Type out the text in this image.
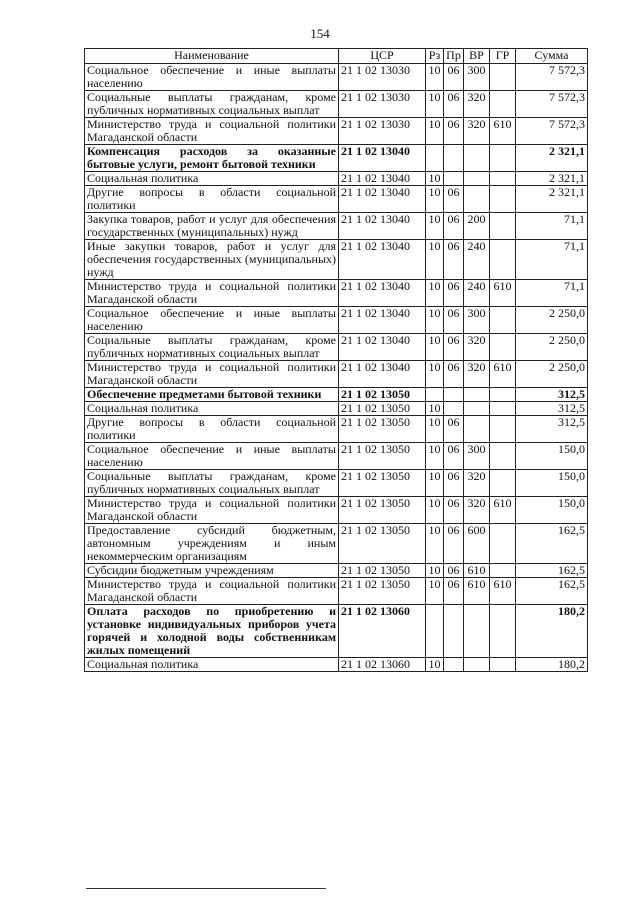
154
Наименование	ЦСР	Рз	Пр	ВР	ГР	Сумма
Социальное обеспечение и иные выплаты населению	21 1 02 13030	10	06	300		7 572,3
Социальные выплаты гражданам, кроме публичных нормативных социальных выплат	21 1 02 13030	10	06	320		7 572,3
Министерство труда и социальной политики Магаданской области	21 1 02 13030	10	06	320	610	7 572,3
Компенсация расходов за оказанные бытовые услуги, ремонт бытовой техники	21 1 02 13040					2 321,1
Социальная политика	21 1 02 13040	10				2 321,1
Другие вопросы в области социальной политики	21 1 02 13040	10	06			2 321,1
Закупка товаров, работ и услуг для обеспечения государственных (муниципальных) нужд	21 1 02 13040	10	06	200		71,1
Иные закупки товаров, работ и услуг для обеспечения государственных (муниципальных) нужд	21 1 02 13040	10	06	240		71,1
Министерство труда и социальной политики Магаданской области	21 1 02 13040	10	06	240	610	71,1
Социальное обеспечение и иные выплаты населению	21 1 02 13040	10	06	300		2 250,0
Социальные выплаты гражданам, кроме публичных нормативных социальных выплат	21 1 02 13040	10	06	320		2 250,0
Министерство труда и социальной политики Магаданской области	21 1 02 13040	10	06	320	610	2 250,0
Обеспечение предметами бытовой техники	21 1 02 13050					312,5
Социальная политика	21 1 02 13050	10				312,5
Другие вопросы в области социальной политики	21 1 02 13050	10	06			312,5
Социальное обеспечение и иные выплаты населению	21 1 02 13050	10	06	300		150,0
Социальные выплаты гражданам, кроме публичных нормативных социальных выплат	21 1 02 13050	10	06	320		150,0
Министерство труда и социальной политики Магаданской области	21 1 02 13050	10	06	320	610	150,0
Предоставление субсидий бюджетным, автономным учреждениям и иным некоммерческим организациям	21 1 02 13050	10	06	600		162,5
Субсидии бюджетным учреждениям	21 1 02 13050	10	06	610		162,5
Министерство труда и социальной политики Магаданской области	21 1 02 13050	10	06	610	610	162,5
Оплата расходов по приобретению и установке индивидуальных приборов учета горячей и холодной воды собственникам жилых помещений	21 1 02 13060					180,2
Социальная политика	21 1 02 13060	10				180,2
